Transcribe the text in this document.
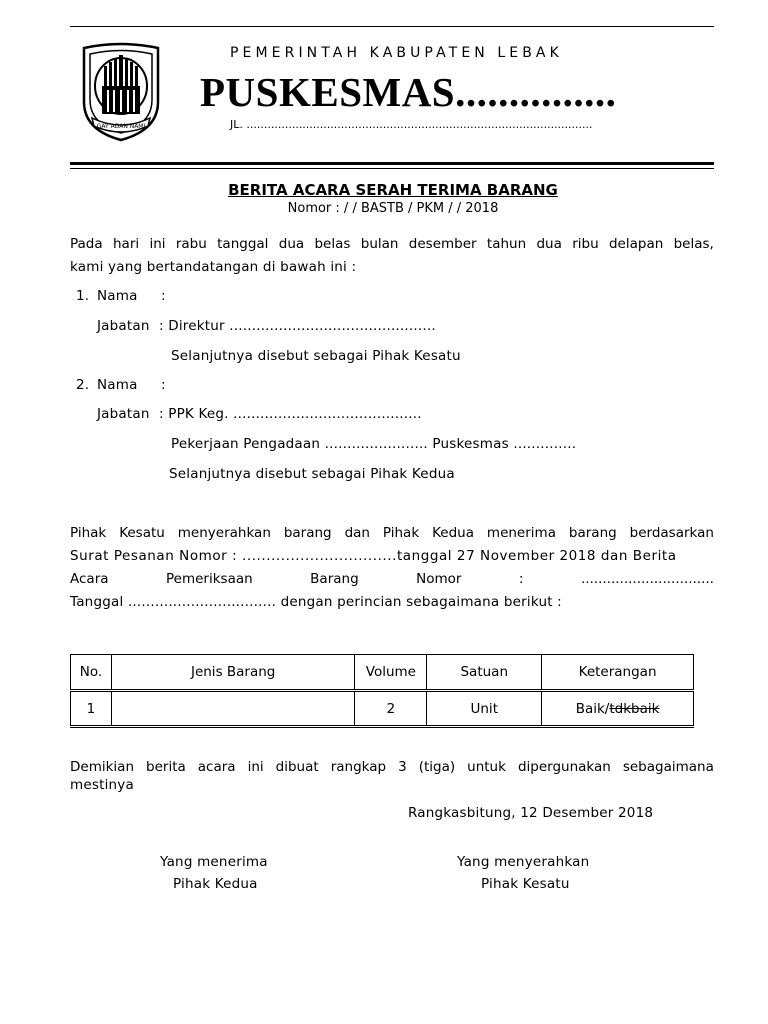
GAY ADAN NAMI
PEMERINTAH KABUPATEN LEBAK
PUSKESMAS...............
JL. ...................................................................................................
BERITA ACARA SERAH TERIMA BARANG
Nomor : / / BASTB / PKM / / 2018
Pada hari ini rabu tanggal dua belas bulan desember tahun dua ribu delapan belas,
kami yang bertandatangan di bawah ini :
1. Nama :
Jabatan : Direktur ..............................................
Selanjutnya disebut sebagai Pihak Kesatu
2. Nama :
Jabatan : PPK Keg. ..........................................
Pekerjaan Pengadaan ....................... Puskesmas ..............
Selanjutnya disebut sebagai Pihak Kedua
Pihak Kesatu menyerahkan barang dan Pihak Kedua menerima barang berdasarkan
Surat Pesanan Nomor : ................................tanggal 27 November 2018 dan Berita
Acara	Pemeriksaan	Barang	Nomor	:	...............................
Tanggal ................................. dengan perincian sebagaimana berikut :
No.	Jenis Barang	Volume	Satuan	Keterangan
1		2	Unit	Baik/tdkbaik
Demikian berita acara ini dibuat rangkap 3 (tiga) untuk dipergunakan sebagaimana
mestinya
Rangkasbitung, 12 Desember 2018
Yang menerima
Pihak Kedua
Yang menyerahkan
Pihak Kesatu
